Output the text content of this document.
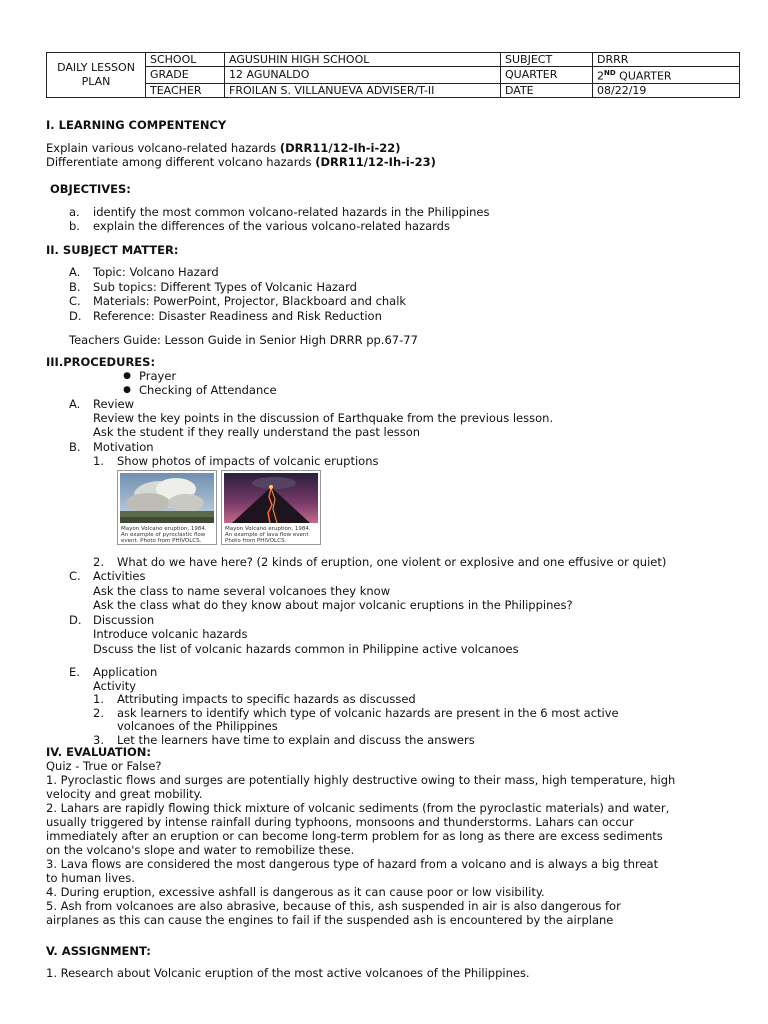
DAILY LESSON
PLAN	SCHOOL	AGUSUHIN HIGH SCHOOL	SUBJECT	DRRR
	GRADE	12 AGUNALDO	QUARTER	2ND QUARTER
	TEACHER	FROILAN S. VILLANUEVA ADVISER/T-II	DATE	08/22/19
I. LEARNING COMPENTENCY
Explain various volcano-related hazards (DRR11/12-Ih-i-22)
Differentiate among different volcano hazards (DRR11/12-Ih-i-23)
OBJECTIVES:
a.	identify the most common volcano-related hazards in the Philippines
b.	explain the differences of the various volcano-related hazards
II. SUBJECT MATTER:
A.	Topic: Volcano Hazard
B.	Sub topics: Different Types of Volcanic Hazard
C.	Materials: PowerPoint, Projector, Blackboard and chalk
D. Reference: Disaster Readiness and Risk Reduction
Teachers Guide: Lesson Guide in Senior High DRRR pp.67-77
III.PROCEDURES:
● Prayer
● Checking of Attendance
A.	Review
Review the key points in the discussion of Earthquake from the previous lesson.
Ask the student if they really understand the past lesson
B.	Motivation
1.	Show photos of impacts of volcanic eruptions
Mayon Volcano eruption, 1984.
An example of pyroclastic flow
event. Photo from PHIVOLCS.
Mayon Volcano eruption, 1984.
An example of lava flow event
Photo from PHIVOLCS.
2.	What do we have here? (2 kinds of eruption, one violent or explosive and one effusive or quiet)
C.	Activities
Ask the class to name several volcanoes they know
Ask the class what do they know about major volcanic eruptions in the Philippines?
D. Discussion
Introduce volcanic hazards
Dscuss the list of volcanic hazards common in Philippine active volcanoes
E.	Application
Activity
1.	Attributing impacts to specific hazards as discussed
2.	ask learners to identify which type of volcanic hazards are present in the 6 most active
volcanoes of the Philippines
3.	Let the learners have time to explain and discuss the answers
IV. EVALUATION:
Quiz - True or False?
1. Pyroclastic flows and surges are potentially highly destructive owing to their mass, high temperature, high
velocity and great mobility.
2. Lahars are rapidly flowing thick mixture of volcanic sediments (from the pyroclastic materials) and water,
usually triggered by intense rainfall during typhoons, monsoons and thunderstorms. Lahars can occur
immediately after an eruption or can become long-term problem for as long as there are excess sediments
on the volcano's slope and water to remobilize these.
3. Lava flows are considered the most dangerous type of hazard from a volcano and is always a big threat
to human lives.
4. During eruption, excessive ashfall is dangerous as it can cause poor or low visibility.
5. Ash from volcanoes are also abrasive, because of this, ash suspended in air is also dangerous for
airplanes as this can cause the engines to fail if the suspended ash is encountered by the airplane
V. ASSIGNMENT:
1. Research about Volcanic eruption of the most active volcanoes of the Philippines.
